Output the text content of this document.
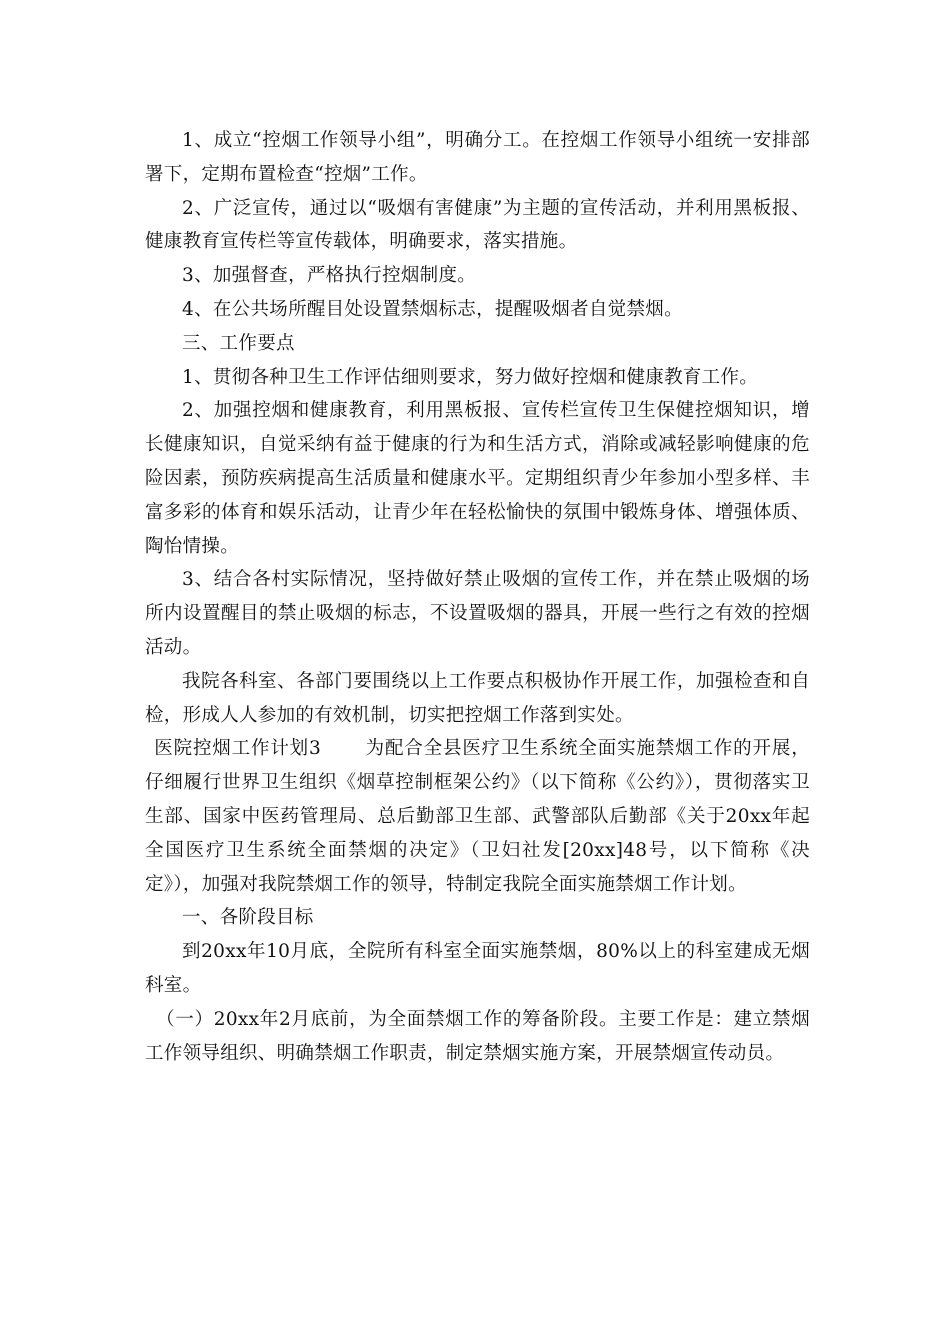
1、成立“控烟工作领导小组”，明确分工。在控烟工作领导小组统一安排部署下，定期布置检查“控烟”工作。

2、广泛宣传，通过以“吸烟有害健康”为主题的宣传活动，并利用黑板报、健康教育宣传栏等宣传载体，明确要求，落实措施。

3、加强督查，严格执行控烟制度。

4、在公共场所醒目处设置禁烟标志，提醒吸烟者自觉禁烟。

三、工作要点

1、贯彻各种卫生工作评估细则要求，努力做好控烟和健康教育工作。

2、加强控烟和健康教育，利用黑板报、宣传栏宣传卫生保健控烟知识，增长健康知识，自觉采纳有益于健康的行为和生活方式，消除或减轻影响健康的危险因素，预防疾病提高生活质量和健康水平。定期组织青少年参加小型多样、丰富多彩的体育和娱乐活动，让青少年在轻松愉快的氛围中锻炼身体、增强体质、陶怡情操。

3、结合各村实际情况，坚持做好禁止吸烟的宣传工作，并在禁止吸烟的场所内设置醒目的禁止吸烟的标志，不设置吸烟的器具，开展一些行之有效的控烟活动。

我院各科室、各部门要围绕以上工作要点积极协作开展工作，加强检查和自检，形成人人参加的有效机制，切实把控烟工作落到实处。

医院控烟工作计划3 为配合全县医疗卫生系统全面实施禁烟工作的开展，仔细履行世界卫生组织《烟草控制框架公约》（以下简称《公约》），贯彻落实卫生部、国家中医药管理局、总后勤部卫生部、武警部队后勤部《关于20xx年起全国医疗卫生系统全面禁烟的决定》（卫妇社发[20xx]48号，以下简称《决定》），加强对我院禁烟工作的领导，特制定我院全面实施禁烟工作计划。

一、各阶段目标

到20xx年10月底，全院所有科室全面实施禁烟，80%以上的科室建成无烟科室。

（一）20xx年2月底前，为全面禁烟工作的筹备阶段。主要工作是：建立禁烟工作领导组织、明确禁烟工作职责，制定禁烟实施方案，开展禁烟宣传动员。
